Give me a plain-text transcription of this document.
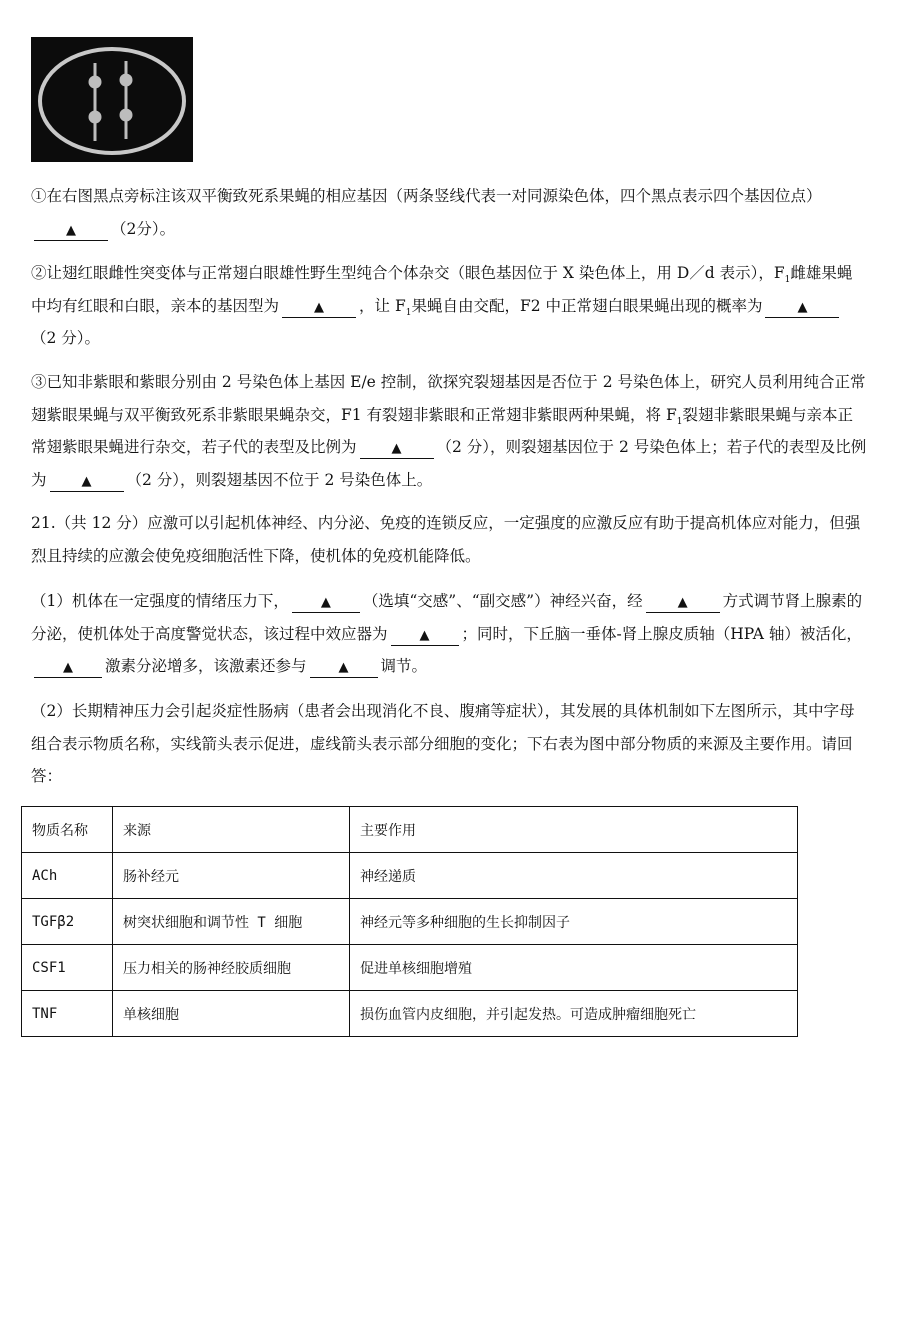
①在右图黑点旁标注该双平衡致死系果蝇的相应基因（两条竖线代表一对同源染色体，四个黑点表示四个基因位点）▲ （2分）。

②让翅红眼雌性突变体与正常翅白眼雄性野生型纯合个体杂交（眼色基因位于 X 染色体上，用 D／d 表示），$F_1$雌雄果蝇中均有红眼和白眼，亲本的基因型为	▲ ，让 $F_1$果蝇自由交配，F2 中正常翅白眼果蝇出现的概率为	▲（2 分）。

③已知非紫眼和紫眼分别由 2 号染色体上基因 E/e 控制，欲探究裂翅基因是否位于 2 号染色体上，研究人员利用纯合正常翅紫眼果蝇与双平衡致死系非紫眼果蝇杂交，F1 有裂翅非紫眼和正常翅非紫眼两种果蝇，将 $F_1$裂翅非紫眼果蝇与亲本正常翅紫眼果蝇进行杂交，若子代的表型及比例为	▲ （2 分），则裂翅基因位于 2 号染色体上；若子代的表型及比例为	▲ （2 分），则裂翅基因不位于 2 号染色体上。

21.（共 12 分）应激可以引起机体神经、内分泌、免疫的连锁反应，一定强度的应激反应有助于提高机体应对能力，但强烈且持续的应激会使免疫细胞活性下降，使机体的免疫机能降低。

（1）机体在一定强度的情绪压力下， ▲ （选填“交感”、“副交感”）神经兴奋，经	▲ 方式调节肾上腺素的分泌，使机体处于高度警觉状态，该过程中效应器为 ▲ ；同时，下丘脑一垂体-肾上腺皮质轴（HPA 轴）被活化，▲ 激素分泌增多，该激素还参与 ▲ 调节。

（2）长期精神压力会引起炎症性肠病（患者会出现消化不良、腹痛等症状），其发展的具体机制如下左图所示，其中字母组合表示物质名称，实线箭头表示促进，虚线箭头表示部分细胞的变化；下右表为图中部分物质的来源及主要作用。请回答：

物质名称	来源	主要作用
ACh	肠补经元	神经递质
TGFβ2	树突状细胞和调节性 T 细胞	神经元等多种细胞的生长抑制因子
CSF1	压力相关的肠神经胶质细胞	促进单核细胞增殖
TNF	单核细胞	损伤血管内皮细胞，并引起发热。可造成肿瘤细胞死亡
